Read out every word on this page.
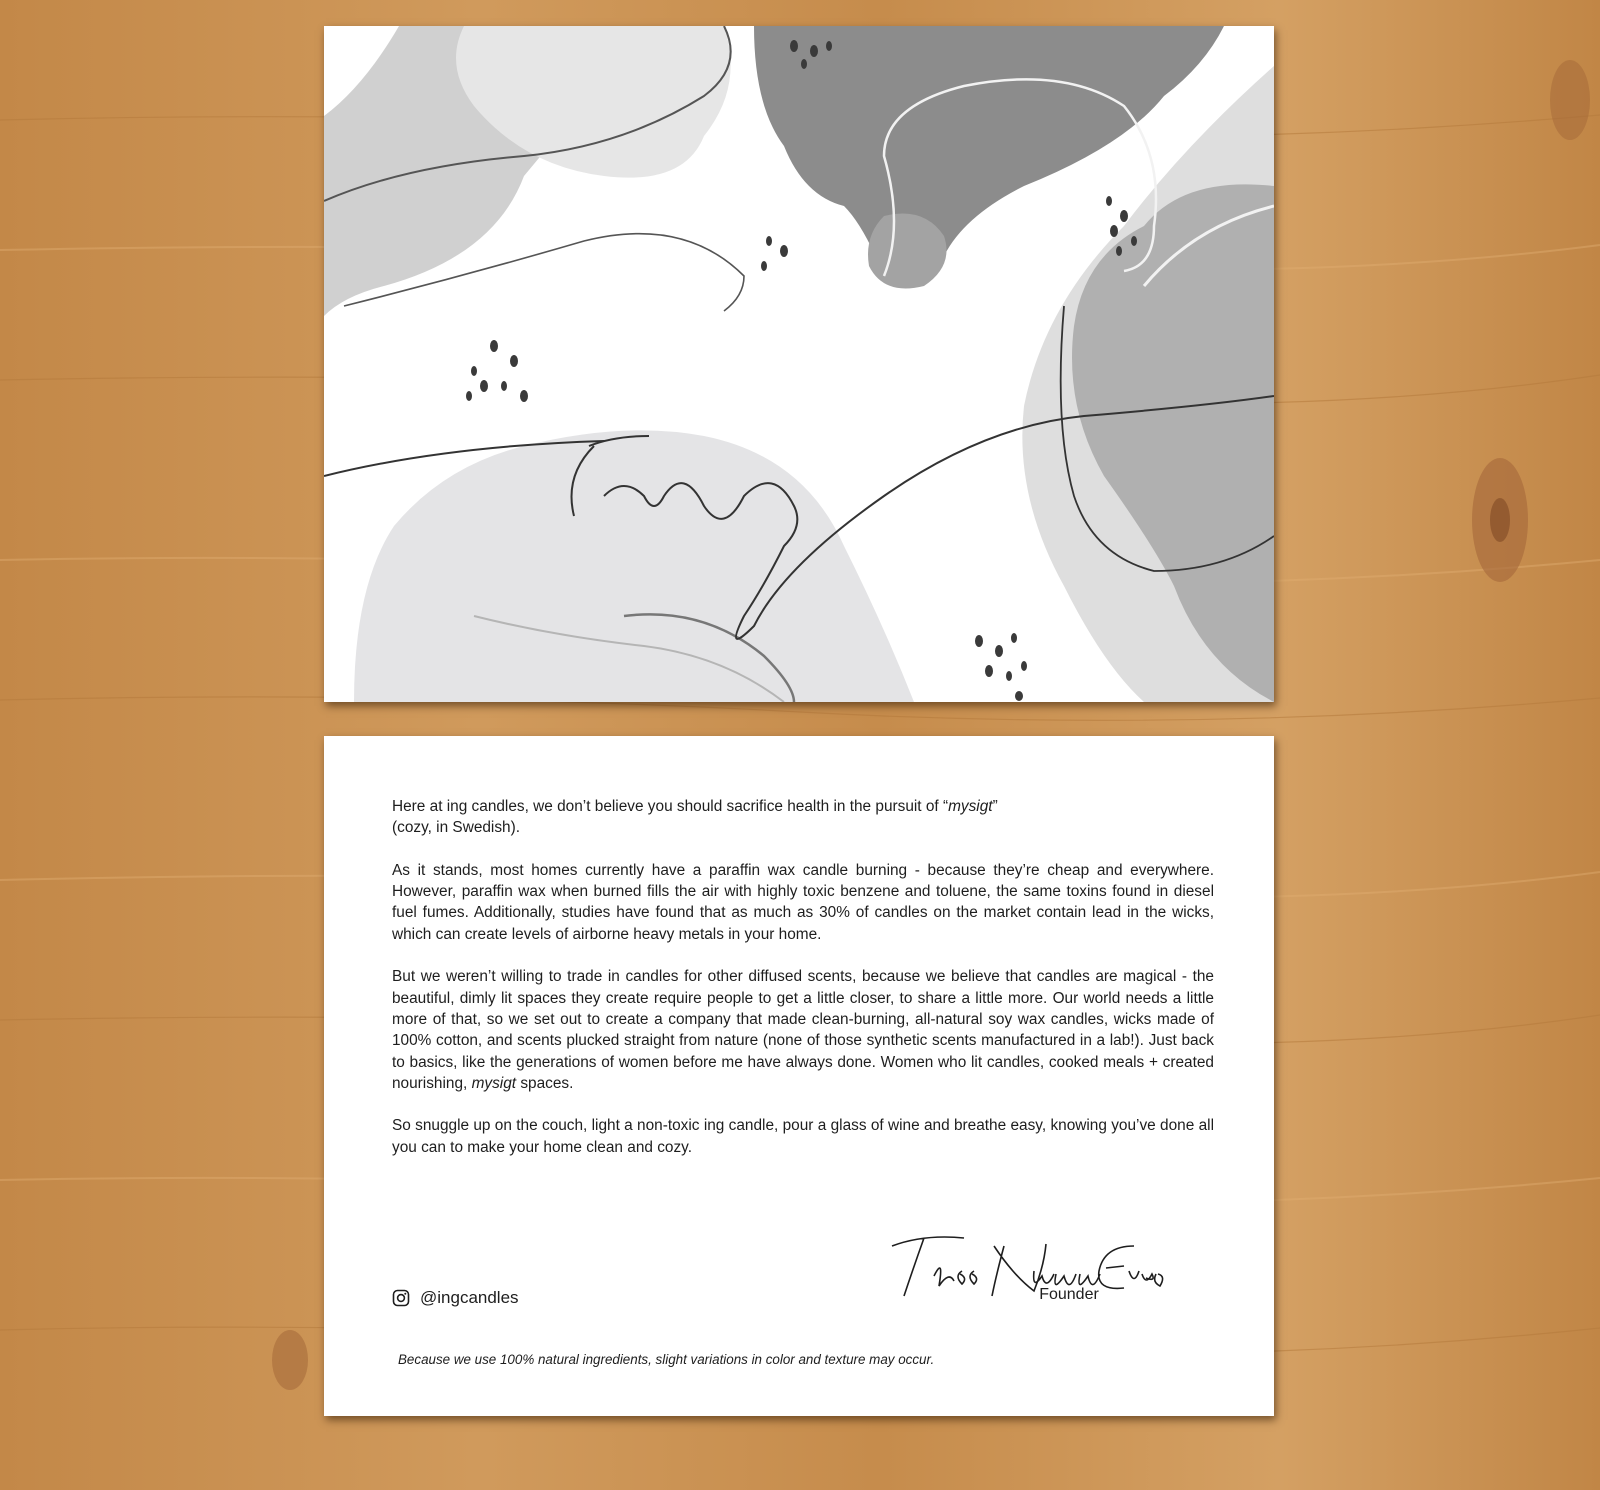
Here at ing candles, we don’t believe you should sacrifice health in the pursuit of “mysigt”
(cozy, in Swedish).

As it stands, most homes currently have a paraffin wax candle burning - because they’re cheap and everywhere. However, paraffin wax when burned fills the air with highly toxic benzene and toluene, the same toxins found in diesel fuel fumes. Additionally, studies have found that as much as 30% of candles on the market contain lead in the wicks, which can create levels of airborne heavy metals in your home.

But we weren’t willing to trade in candles for other diffused scents, because we believe that candles are magical - the beautiful, dimly lit spaces they create require people to get a little closer, to share a little more. Our world needs a little more of that, so we set out to create a company that made clean-burning, all-natural soy wax candles, wicks made of 100% cotton, and scents plucked straight from nature (none of those synthetic scents manufactured in a lab!). Just back to basics, like the generations of women before me have always done. Women who lit candles, cooked meals + created nourishing, mysigt spaces.

So snuggle up on the couch, light a non-toxic ing candle, pour a glass of wine and breathe easy, knowing you’ve done all you can to make your home clean and cozy.

Founder
@ingcandles
Because we use 100% natural ingredients, slight variations in color and texture may occur.
